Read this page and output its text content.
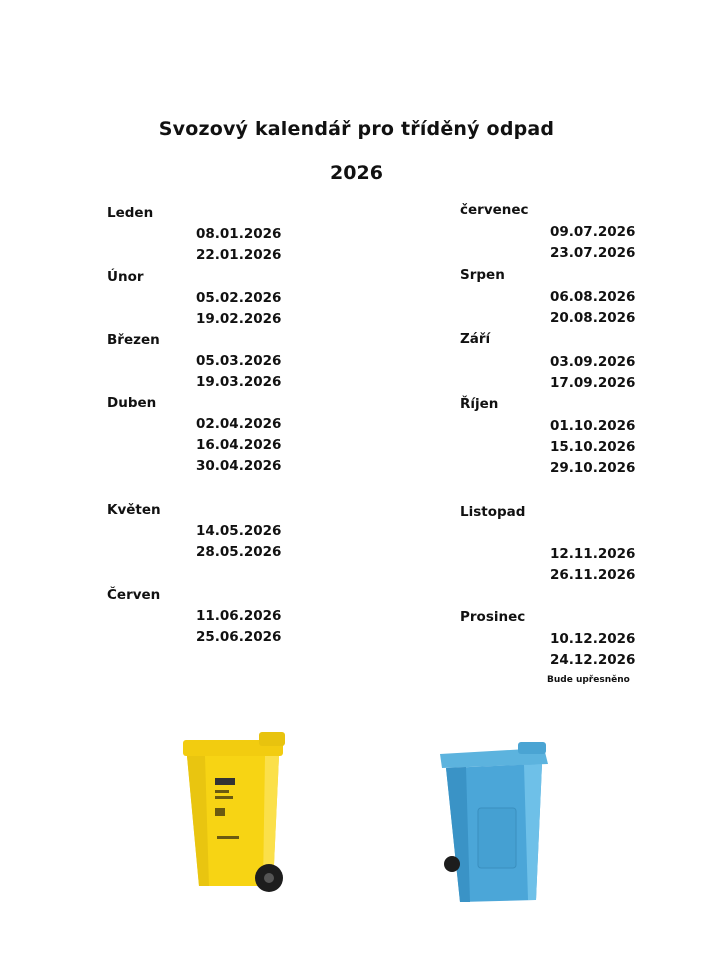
Svozový kalendář pro tříděný odpad
2026
Leden
08.01.2026
22.01.2026
Únor
05.02.2026
19.02.2026
Březen
05.03.2026
19.03.2026
Duben
02.04.2026
16.04.2026
30.04.2026
Květen
14.05.2026
28.05.2026
Červen
11.06.2026
25.06.2026
červenec
09.07.2026
23.07.2026
Srpen
06.08.2026
20.08.2026
Září
03.09.2026
17.09.2026
Říjen
01.10.2026
15.10.2026
29.10.2026
Listopad
12.11.2026
26.11.2026
Prosinec
10.12.2026
24.12.2026
Bude upřesněno
